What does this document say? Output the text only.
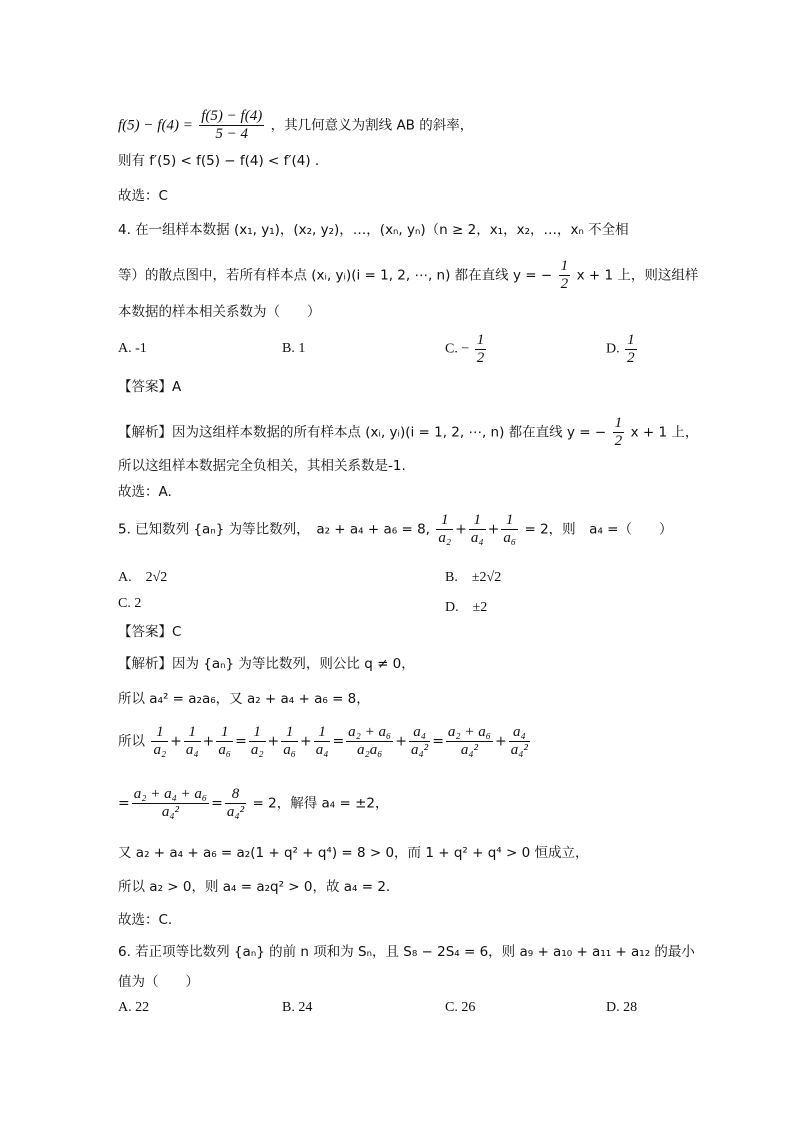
$f(5) - f(4) = \frac{f(5) - f(4)}{5 - 4}$ ，其几何意义为割线 AB 的斜率，
则有 f′(5) < f(5) − f(4) < f′(4) .
故选：C
4. 在一组样本数据 (x₁, y₁)，(x₂, y₂)，…，(xₙ, yₙ)（n ≥ 2，x₁，x₂，…，xₙ 不全相
等）的散点图中，若所有样本点 (xᵢ, yᵢ)(i = 1, 2, ⋯, n) 都在直线 y = − $\frac{1}{2}$ x + 1 上，则这组样
本数据的样本相关系数为（　　）
A. -1	B. 1	C. − $\frac{1}{2}$	D. $\frac{1}{2}$
【答案】A
【解析】因为这组样本数据的所有样本点 (xᵢ, yᵢ)(i = 1, 2, ⋯, n) 都在直线 y = − $\frac{1}{2}$ x + 1 上，
所以这组样本数据完全负相关，其相关系数是-1.
故选：A.
5. 已知数列 {aₙ} 为等比数列，　a₂ + a₄ + a₆ = 8, $\frac{1}{\text{a₂}} + \frac{1}{\text{a₄}} + \frac{1}{\text{a₆}} = 2$，则　a₄ =（　　）
A.　2√2	B.　±2√2
C. 2	D.　±2
【答案】C
【解析】因为 {aₙ} 为等比数列，则公比 q ≠ 0，
所以 a₄² = a₂a₆，又 a₂ + a₄ + a₆ = 8，
所以 $\frac{1}{\text{a₂}} + \frac{1}{\text{a₄}} + \frac{1}{\text{a₆}} = \frac{1}{\text{a₂}} + \frac{1}{\text{a₆}} + \frac{1}{\text{a₄}} = \frac{\text{a₂ + a₆}}{\text{a₂a₆}} + \frac{\text{a₄}}{\text{a₄²}} = \frac{\text{a₂ + a₆}}{\text{a₄²}} + \frac{\text{a₄}}{\text{a₄²}}$
= $\frac{\text{a₂ + a₄ + a₆}}{\text{a₄²}} = \frac{8}{\text{a₄²}} = 2$，解得 a₄ = ±2，
又 a₂ + a₄ + a₆ = a₂(1 + q² + q⁴) = 8 > 0，而 1 + q² + q⁴ > 0 恒成立，
所以 a₂ > 0，则 a₄ = a₂q² > 0，故 a₄ = 2.
故选：C.
6. 若正项等比数列 {aₙ} 的前 n 项和为 Sₙ，且 S₈ − 2S₄ = 6，则 a₉ + a₁₀ + a₁₁ + a₁₂ 的最小
值为（　　）
A. 22	B. 24	C. 26	D. 28
